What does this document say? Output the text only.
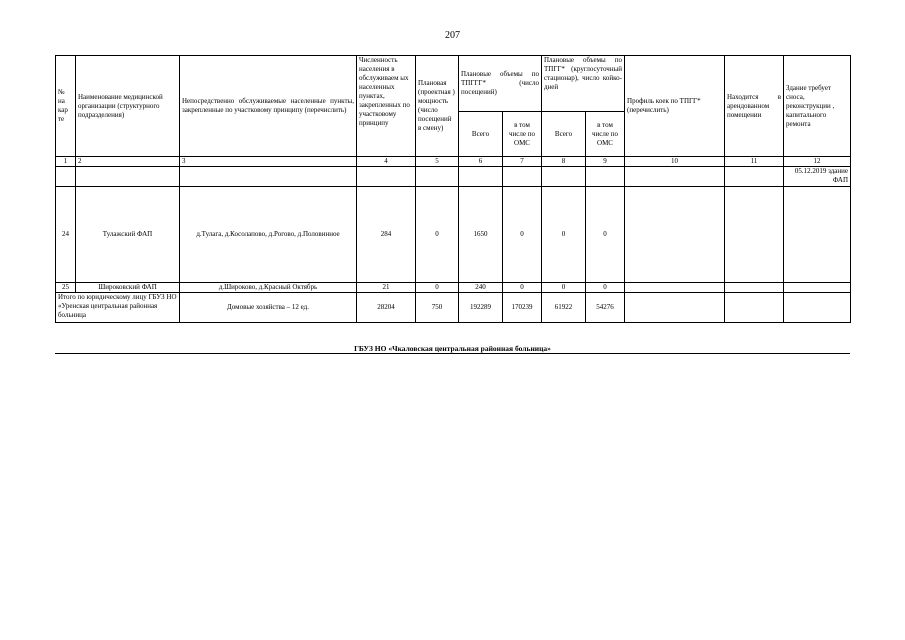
207
№ на кар те	Наименование медицинской организации (структурного подразделения)	Непосредственно обслуживаемые населенные пункты, закрепленные по участковому принципу (перечислить)	Численность населения в обслуживаем ых населенных пунктах, закрепленных по участковому принципу	Плановая (проектная ) мощность (число посещений в смену)	Плановые объемы по ТПГГГ* (число посещений)		Плановые объемы по ТПГГ* (круглосуточный стационар), число койко-дней		Профиль коек по ТПГГ* (перечислить)	Находится в арендованном помещении	Здание требует сноса, реконструкции , капитального ремонта
					Всего	в том числе по ОМС	Всего	в том числе по ОМС			
1	2	3	4	5	6	7	8	9	10	11	12
											05.12.2019 здание ФАП
24	Тулажский ФАП	д.Тулага, д.Косолапово, д.Рогово, д.Половинное	284	0	1650	0	0	0			
25	Широковский ФАП	д.Широково, д.Красный Октябрь	21	0	240	0	0	0			
Итого по юридическому лицу ГБУЗ НО «Уренская центральная районная больница		Домовые хозяйства – 12 ед.	28204	750	192289	170239	61922	54276			
ГБУЗ НО «Чкаловская центральная районная больница»
